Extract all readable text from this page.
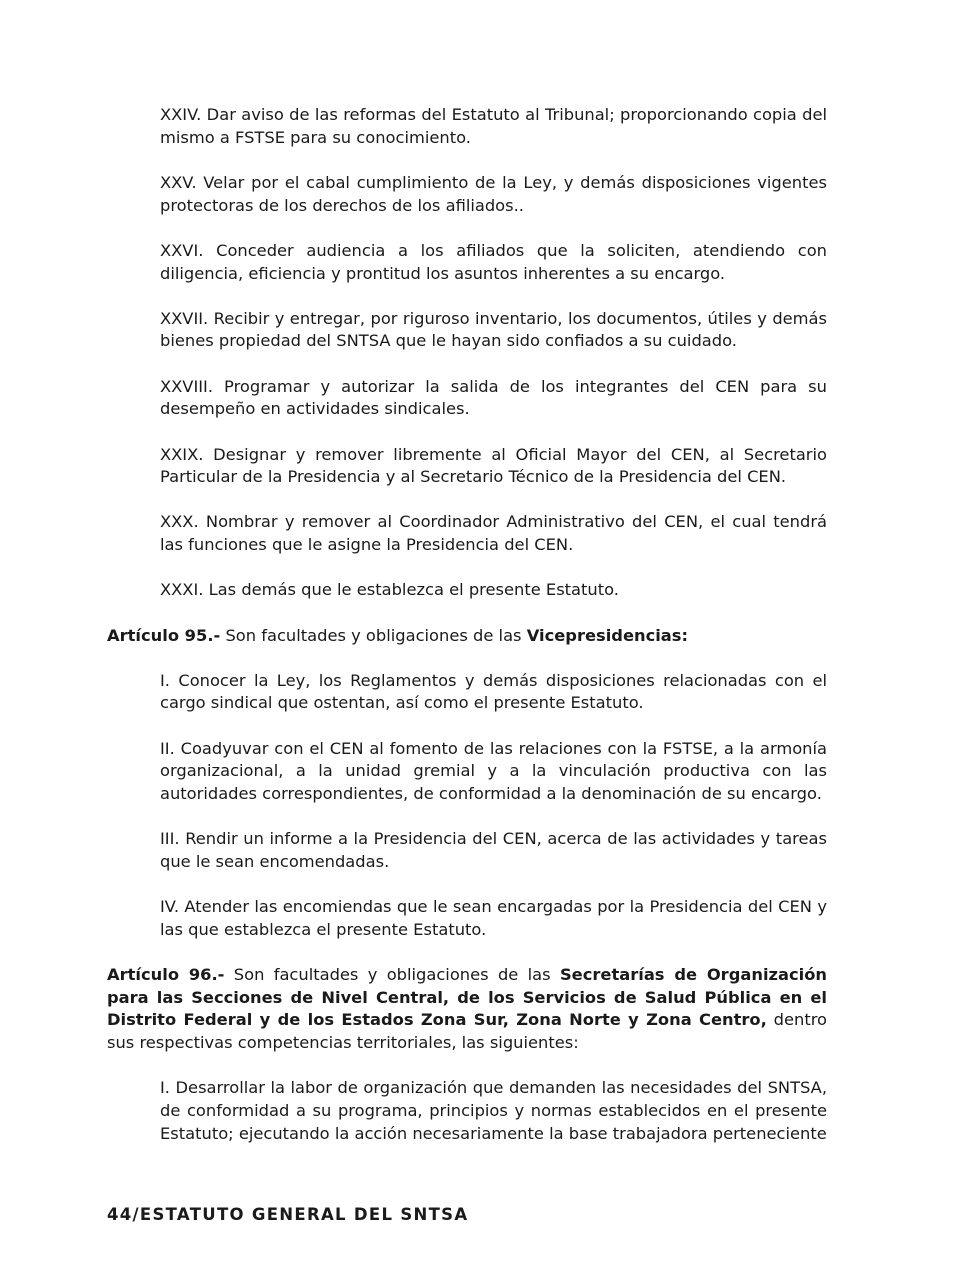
XXIV. Dar aviso de las reformas del Estatuto al Tribunal; proporcionando copia del mismo a FSTSE para su conocimiento.

XXV. Velar por el cabal cumplimiento de la Ley, y demás disposiciones vigentes protectoras de los derechos de los afiliados..

XXVI. Conceder audiencia a los afiliados que la soliciten, atendiendo con diligencia, eficiencia y prontitud los asuntos inherentes a su encargo.

XXVII. Recibir y entregar, por riguroso inventario, los documentos, útiles y demás bienes propiedad del SNTSA que le hayan sido confiados a su cuidado.

XXVIII. Programar y autorizar la salida de los integrantes del CEN para su desempeño en actividades sindicales.

XXIX. Designar y remover libremente al Oficial Mayor del CEN, al Secretario Particular de la Presidencia y al Secretario Técnico de la Presidencia del CEN.

XXX. Nombrar y remover al Coordinador Administrativo del CEN, el cual tendrá las funciones que le asigne la Presidencia del CEN.

XXXI. Las demás que le establezca el presente Estatuto.

Artículo 95.- Son facultades y obligaciones de las Vicepresidencias:

I. Conocer la Ley, los Reglamentos y demás disposiciones relacionadas con el cargo sindical que ostentan, así como el presente Estatuto.

II. Coadyuvar con el CEN al fomento de las relaciones con la FSTSE, a la armonía organizacional, a la unidad gremial y a la vinculación productiva con las autoridades correspondientes, de conformidad a la denominación de su encargo.

III. Rendir un informe a la Presidencia del CEN, acerca de las actividades y tareas que le sean encomendadas.

IV. Atender las encomiendas que le sean encargadas por la Presidencia del CEN y las que establezca el presente Estatuto.

Artículo 96.- Son facultades y obligaciones de las Secretarías de Organización para las Secciones de Nivel Central, de los Servicios de Salud Pública en el Distrito Federal y de los Estados Zona Sur, Zona Norte y Zona Centro, dentro sus respectivas competencias territoriales, las siguientes:

I. Desarrollar la labor de organización que demanden las necesidades del SNTSA, de conformidad a su programa, principios y normas establecidos en el presente Estatuto; ejecutando la acción necesariamente la base trabajadora perteneciente

44/ESTATUTO GENERAL DEL SNTSA
